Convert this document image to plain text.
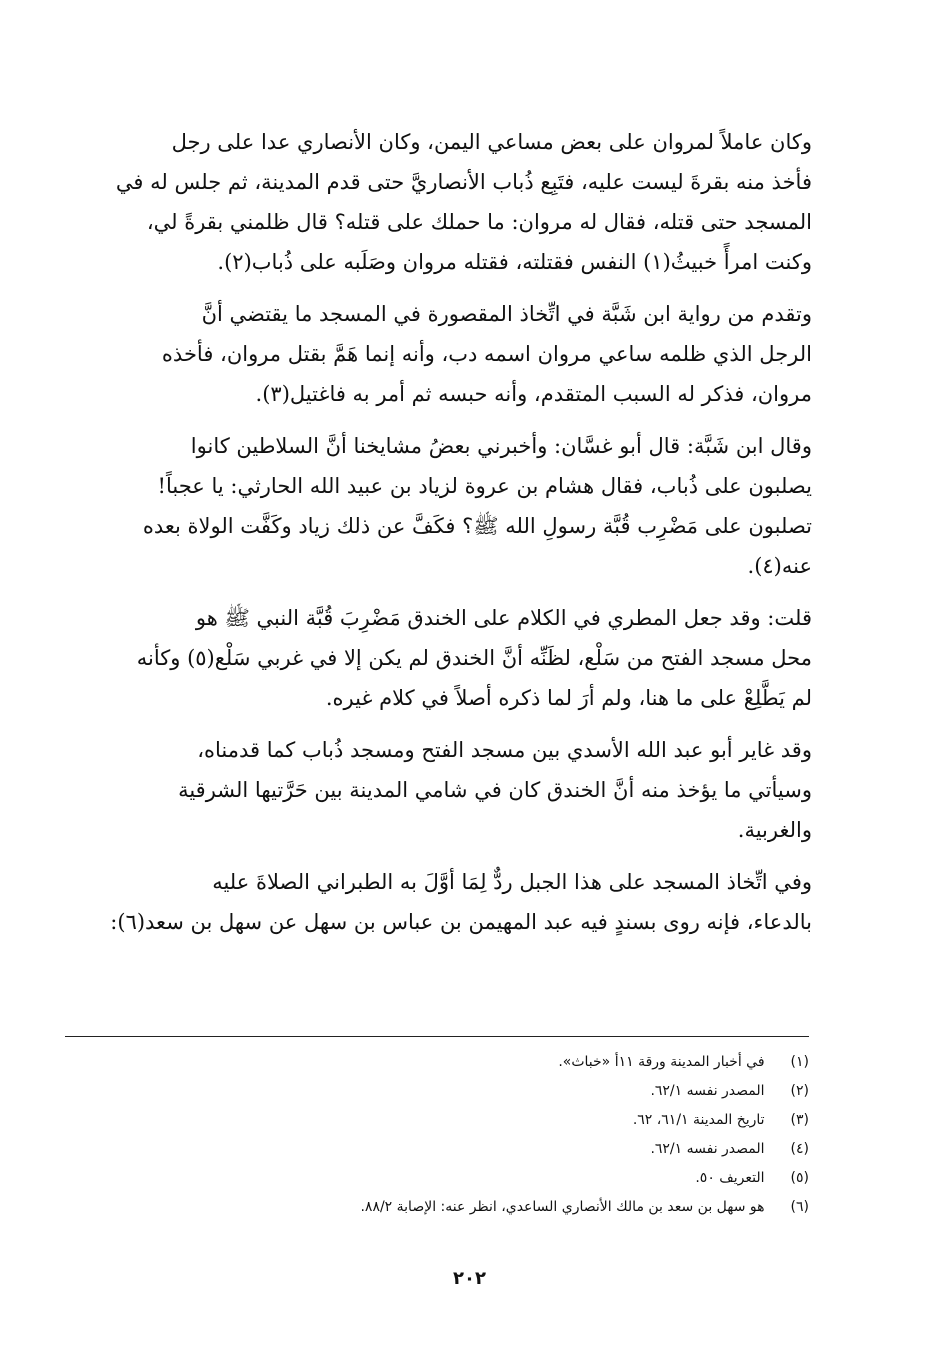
وكان عاملاً لمروان على بعض مساعي اليمن، وكان الأنصاري عدا على رجل
فأخذ منه بقرةَ ليست عليه، فتَبِع ذُباب الأنصاريَّ حتى قدم المدينة، ثم جلس له في
المسجد حتى قتله، فقال له مروان: ما حملك على قتله؟ قال ظلمني بقرةً لي،
وكنت امرأً خبيثُ(١) النفس فقتلته، فقتله مروان وصَلَبه على ذُباب(٢).
وتقدم من رواية ابن شَبَّة في اتِّخاذ المقصورة في المسجد ما يقتضي أنَّ
الرجل الذي ظلمه ساعي مروان اسمه دب، وأنه إنما هَمَّ بقتل مروان، فأخذه
مروان، فذكر له السبب المتقدم، وأنه حبسه ثم أمر به فاغتيل(٣).
وقال ابن شَبَّة: قال أبو غسَّان: وأخبرني بعضُ مشايخنا أنَّ السلاطين كانوا
يصلبون على ذُباب، فقال هشام بن عروة لزياد بن عبيد الله الحارثي: يا عجباً!
تصلبون على مَضْرِب قُبَّة رسولِ الله ﷺ؟ فكَفَّ عن ذلك زياد وكَفَّت الولاة بعده
عنه(٤).
قلت: وقد جعل المطري في الكلام على الخندق مَضْرِبَ قُبَّة النبي ﷺ هو
محل مسجد الفتح من سَلْع، لظَنِّه أنَّ الخندق لم يكن إلا في غربي سَلْع(٥) وكأنه
لم يَطَّلِعْ على ما هنا، ولم أرَ لما ذكره أصلاً في كلام غيره.
وقد غاير أبو عبد الله الأسدي بين مسجد الفتح ومسجد ذُباب كما قدمناه،
وسيأتي ما يؤخذ منه أنَّ الخندق كان في شامي المدينة بين حَرَّتيها الشرقية
والغربية.
وفي اتِّخاذ المسجد على هذا الجبل ردٌّ لِمَا أوَّلَ به الطبراني الصلاةَ عليه
بالدعاء، فإنه روى بسندٍ فيه عبد المهيمن بن عباس بن سهل عن سهل بن سعد(٦):
(١) في أخبار المدينة ورقة ١١أ «خباث».
(٢) المصدر نفسه ٦٢/١.
(٣) تاريخ المدينة ٦١/١، ٦٢.
(٤) المصدر نفسه ٦٢/١.
(٥) التعريف ٥٠.
(٦) هو سهل بن سعد بن مالك الأنصاري الساعدي، انظر عنه: الإصابة ٨٨/٢.
٢٠٢
